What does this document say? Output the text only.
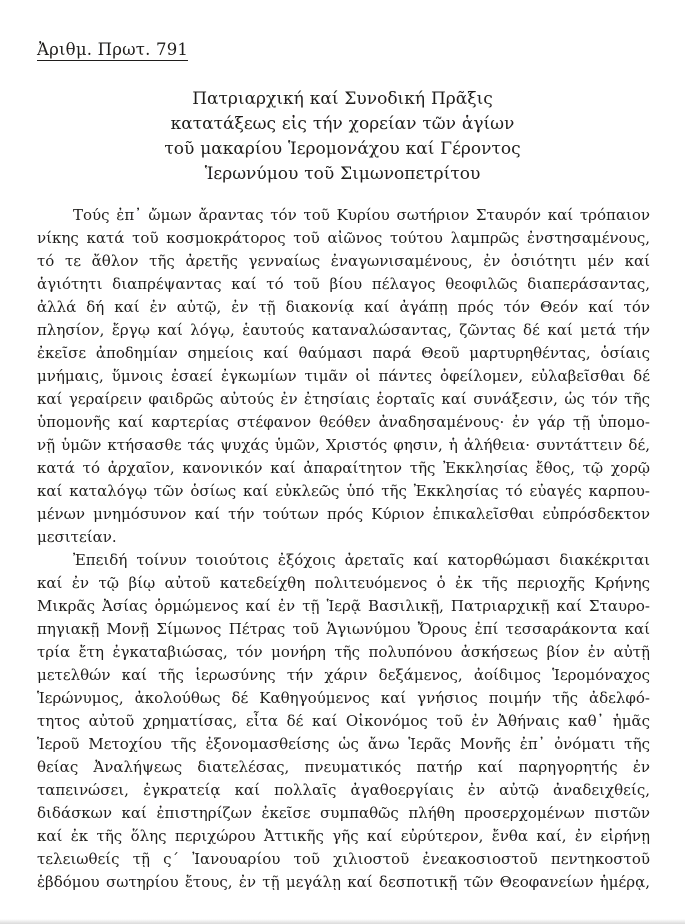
Ἀριθμ. Πρωτ. 791
Πατριαρχική καί Συνοδική Πρᾶξις
κατατάξεως εἰς τήν χορείαν τῶν ἁγίων
τοῦ μακαρίου Ἱερομονάχου καί Γέροντος
Ἱερωνύμου τοῦ Σιμωνοπετρίτου
Τούς ἐπ᾽ ὤμων ἄραντας τόν τοῦ Κυρίου σωτήριον Σταυρόν καί τρόπαιον
νίκης κατά τοῦ κοσμοκράτορος τοῦ αἰῶνος τούτου λαμπρῶς ἐνστησαμένους,
τό τε ἄθλον τῆς ἀρετῆς γενναίως ἐναγωνισαμένους, ἐν ὁσιότητι μέν καί
ἁγιότητι διαπρέψαντας καί τό τοῦ βίου πέλαγος θεοφιλῶς διαπεράσαντας,
ἀλλά δή καί ἐν αὐτῷ, ἐν τῇ διακονίᾳ καί ἀγάπῃ πρός τόν Θεόν καί τόν
πλησίον, ἔργῳ καί λόγῳ, ἑαυτούς καταναλώσαντας, ζῶντας δέ καί μετά τήν
ἐκεῖσε ἀποδημίαν σημείοις καί θαύμασι παρά Θεοῦ μαρτυρηθέντας, ὁσίαις
μνήμαις, ὕμνοις ἐσαεί ἐγκωμίων τιμᾶν οἱ πάντες ὀφείλομεν, εὐλαβεῖσθαι δέ
καί γεραίρειν φαιδρῶς αὐτούς ἐν ἐτησίαις ἑορταῖς καί συνάξεσιν, ὡς τόν τῆς
ὑπομονῆς καί καρτερίας στέφανον θεόθεν ἀναδησαμένους· ἐν γάρ τῇ ὑπομο-
νῇ ὑμῶν κτήσασθε τάς ψυχάς ὑμῶν, Χριστός φησιν, ἡ ἀλήθεια· συντάττειν δέ,
κατά τό ἀρχαῖον, κανονικόν καί ἀπαραίτητον τῆς Ἐκκλησίας ἔθος, τῷ χορῷ
καί καταλόγῳ τῶν ὁσίως καί εὐκλεῶς ὑπό τῆς Ἐκκλησίας τό εὐαγές καρπου-
μένων μνημόσυνον καί τήν τούτων πρός Κύριον ἐπικαλεῖσθαι εὐπρόσδεκτον
μεσιτείαν.
Ἐπειδή τοίνυν τοιούτοις ἐξόχοις ἀρεταῖς καί κατορθώμασι διακέκριται
καί ἐν τῷ βίῳ αὐτοῦ κατεδείχθη πολιτευόμενος ὁ ἐκ τῆς περιοχῆς Κρήνης
Μικρᾶς Ἀσίας ὁρμώμενος καί ἐν τῇ Ἱερᾷ Βασιλικῇ, Πατριαρχικῇ καί Σταυρο-
πηγιακῇ Μονῇ Σίμωνος Πέτρας τοῦ Ἁγιωνύμου Ὄρους ἐπί τεσσαράκοντα καί
τρία ἔτη ἐγκαταβιώσας, τόν μονήρη τῆς πολυπόνου ἀσκήσεως βίον ἐν αὐτῇ
μετελθών καί τῆς ἱερωσύνης τήν χάριν δεξάμενος, ἀοίδιμος Ἱερομόναχος
Ἱερώνυμος, ἀκολούθως δέ Καθηγούμενος καί γνήσιος ποιμήν τῆς ἀδελφό-
τητος αὐτοῦ χρηματίσας, εἶτα δέ καί Οἰκονόμος τοῦ ἐν Ἀθήναις καθ᾽ ἡμᾶς
Ἱεροῦ Μετοχίου τῆς ἐξονομασθείσης ὡς ἄνω Ἱερᾶς Μονῆς ἐπ᾽ ὀνόματι τῆς
θείας Ἀναλήψεως διατελέσας, πνευματικός πατήρ καί παρηγορητής ἐν
ταπεινώσει, ἐγκρατείᾳ καί πολλαῖς ἀγαθοεργίαις ἐν αὐτῷ ἀναδειχθείς,
διδάσκων καί ἐπιστηρίζων ἐκεῖσε συμπαθῶς πλήθη προσερχομένων πιστῶν
καί ἐκ τῆς ὅλης περιχώρου Ἀττικῆς γῆς καί εὐρύτερον, ἔνθα καί, ἐν εἰρήνῃ
τελειωθείς τῇ ς´ Ἰανουαρίου τοῦ χιλιοστοῦ ἐνεακοσιοστοῦ πεντηκοστοῦ
ἑβδόμου σωτηρίου ἔτους, ἐν τῇ μεγάλῃ καί δεσποτικῇ τῶν Θεοφανείων ἡμέρᾳ,
